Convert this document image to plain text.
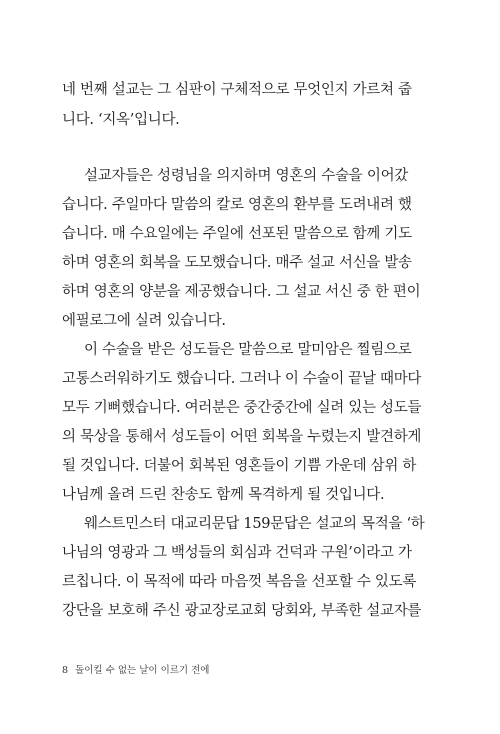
네 번째 설교는 그 심판이 구체적으로 무엇인지 가르쳐 줍
니다. ‘지옥’입니다.
설교자들은 성령님을 의지하며 영혼의 수술을 이어갔
습니다. 주일마다 말씀의 칼로 영혼의 환부를 도려내려 했
습니다. 매 수요일에는 주일에 선포된 말씀으로 함께 기도
하며 영혼의 회복을 도모했습니다. 매주 설교 서신을 발송
하며 영혼의 양분을 제공했습니다. 그 설교 서신 중 한 편이
에필로그에 실려 있습니다.
이 수술을 받은 성도들은 말씀으로 말미암은 찔림으로
고통스러워하기도 했습니다. 그러나 이 수술이 끝날 때마다
모두 기뻐했습니다. 여러분은 중간중간에 실려 있는 성도들
의 묵상을 통해서 성도들이 어떤 회복을 누렸는지 발견하게
될 것입니다. 더불어 회복된 영혼들이 기쁨 가운데 삼위 하
나님께 올려 드린 찬송도 함께 목격하게 될 것입니다.
웨스트민스터 대교리문답 159문답은 설교의 목적을 ‘하
나님의 영광과 그 백성들의 회심과 건덕과 구원’이라고 가
르칩니다. 이 목적에 따라 마음껏 복음을 선포할 수 있도록
강단을 보호해 주신 광교장로교회 당회와, 부족한 설교자를
8 돌이킬 수 없는 날이 이르기 전에
